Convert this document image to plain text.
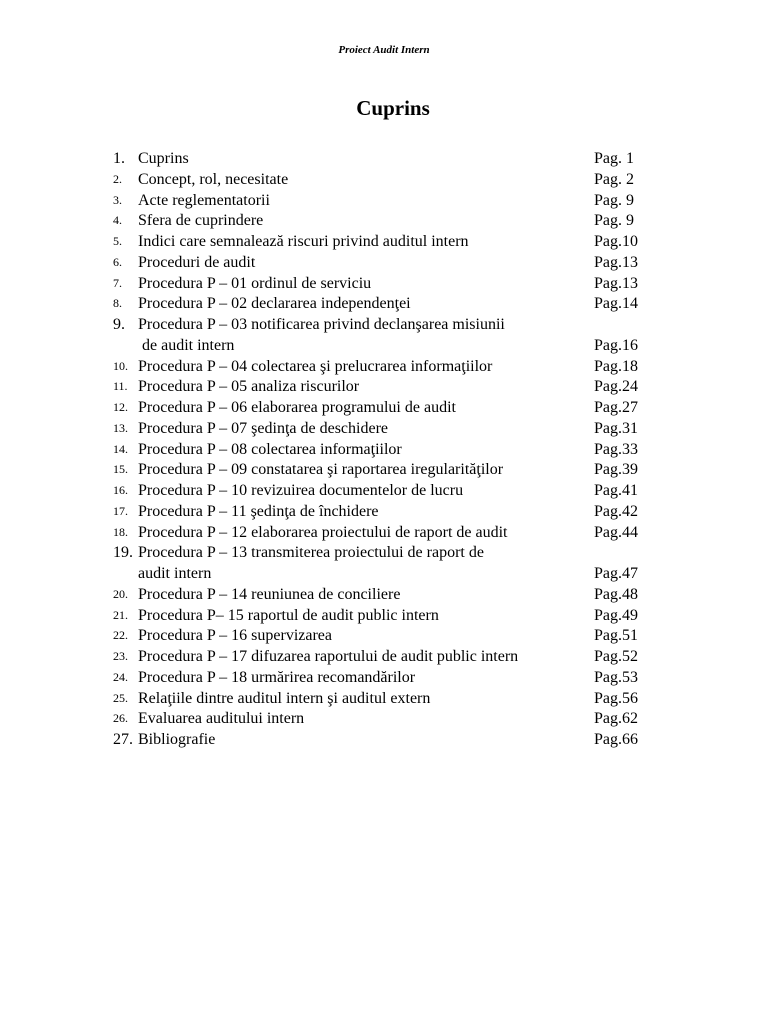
Proiect Audit Intern
Cuprins
1. Cuprins	Pag. 1
2. Concept, rol, necesitate	Pag. 2
3. Acte reglementatorii	Pag. 9
4. Sfera de cuprindere	Pag. 9
5. Indici care semnalează riscuri privind auditul intern	Pag.10
6. Proceduri de audit	Pag.13
7. Procedura P – 01 ordinul de serviciu	Pag.13
8. Procedura P – 02 declararea independenţei	Pag.14
9. Procedura P – 03 notificarea privind declanşarea misiunii
de audit intern	Pag.16
10. Procedura P – 04 colectarea şi prelucrarea informaţiilor	Pag.18
11. Procedura P – 05 analiza riscurilor	Pag.24
12. Procedura P – 06 elaborarea programului de audit	Pag.27
13. Procedura P – 07 şedinţa de deschidere	Pag.31
14. Procedura P – 08 colectarea informaţiilor	Pag.33
15. Procedura P – 09 constatarea şi raportarea iregularităţilor	Pag.39
16. Procedura P – 10 revizuirea documentelor de lucru	Pag.41
17. Procedura P – 11 şedinţa de închidere	Pag.42
18. Procedura P – 12 elaborarea proiectului de raport de audit	Pag.44
19. Procedura P – 13 transmiterea proiectului de raport de
audit intern	Pag.47
20. Procedura P – 14 reuniunea de conciliere	Pag.48
21. Procedura P– 15 raportul de audit public intern	Pag.49
22. Procedura P – 16 supervizarea	Pag.51
23. Procedura P – 17 difuzarea raportului de audit public intern	Pag.52
24. Procedura P – 18 urmărirea recomandărilor	Pag.53
25. Relaţiile dintre auditul intern şi auditul extern	Pag.56
26. Evaluarea auditului intern	Pag.62
27. Bibliografie	Pag.66
